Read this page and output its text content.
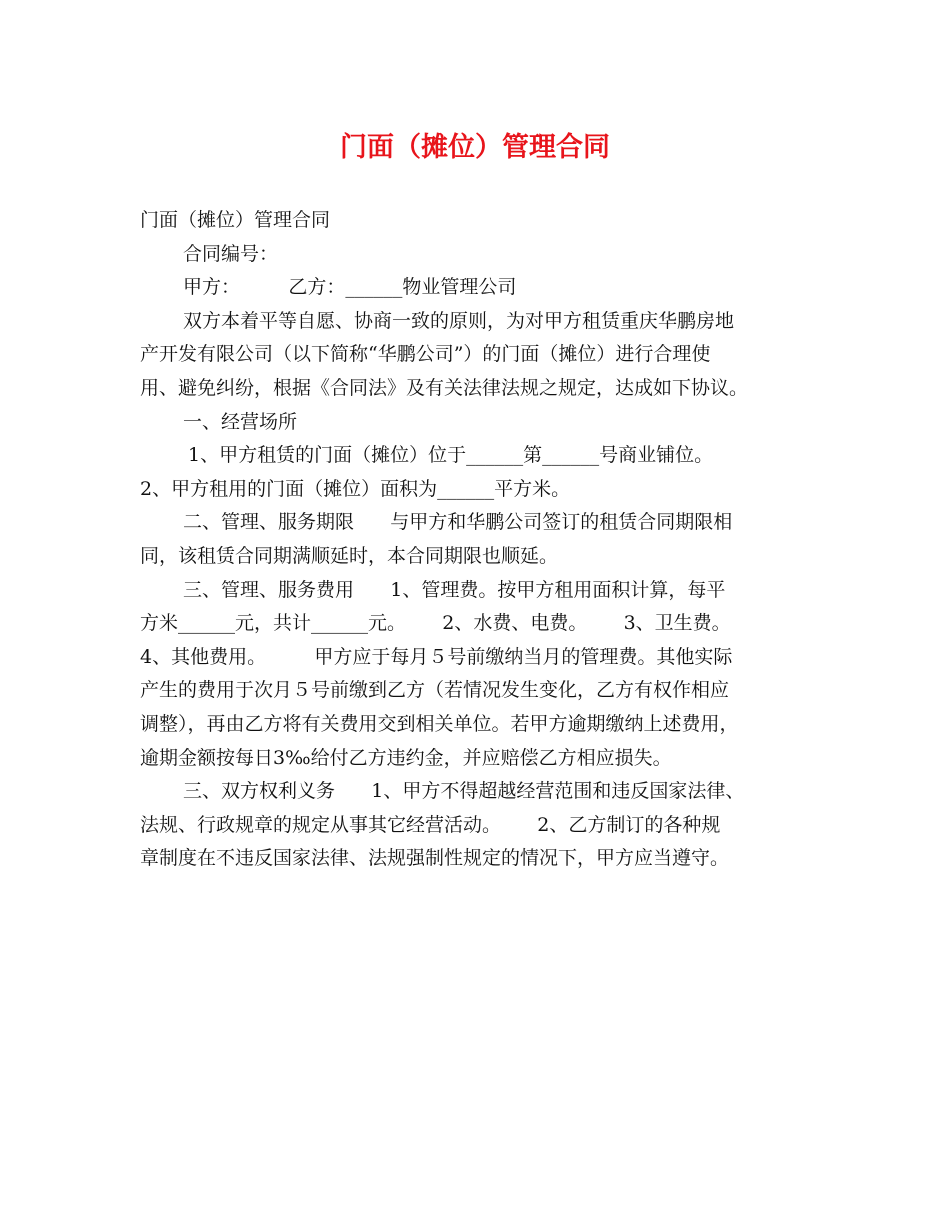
门面（摊位）管理合同
门面（摊位）管理合同
合同编号：
甲方：        乙方：______物业管理公司
双方本着平等自愿、协商一致的原则，为对甲方租赁重庆华鹏房地
产开发有限公司（以下简称“华鹏公司”）的门面（摊位）进行合理使
用、避免纠纷，根据《合同法》及有关法律法规之规定，达成如下协议。
一、经营场所
1、甲方租赁的门面（摊位）位于______第______号商业铺位。
2、甲方租用的门面（摊位）面积为______平方米。
二、管理、服务期限      与甲方和华鹏公司签订的租赁合同期限相
同，该租赁合同期满顺延时，本合同期限也顺延。
三、管理、服务费用      1、管理费。按甲方租用面积计算，每平
方米______元，共计______元。      2、水费、电费。      3、卫生费。
4、其他费用。        甲方应于每月５号前缴纳当月的管理费。其他实际
产生的费用于次月５号前缴到乙方（若情况发生变化，乙方有权作相应
调整），再由乙方将有关费用交到相关单位。若甲方逾期缴纳上述费用，
逾期金额按每日3‰给付乙方违约金，并应赔偿乙方相应损失。
三、双方权利义务      1、甲方不得超越经营范围和违反国家法律、
法规、行政规章的规定从事其它经营活动。      2、乙方制订的各种规
章制度在不违反国家法律、法规强制性规定的情况下，甲方应当遵守。
